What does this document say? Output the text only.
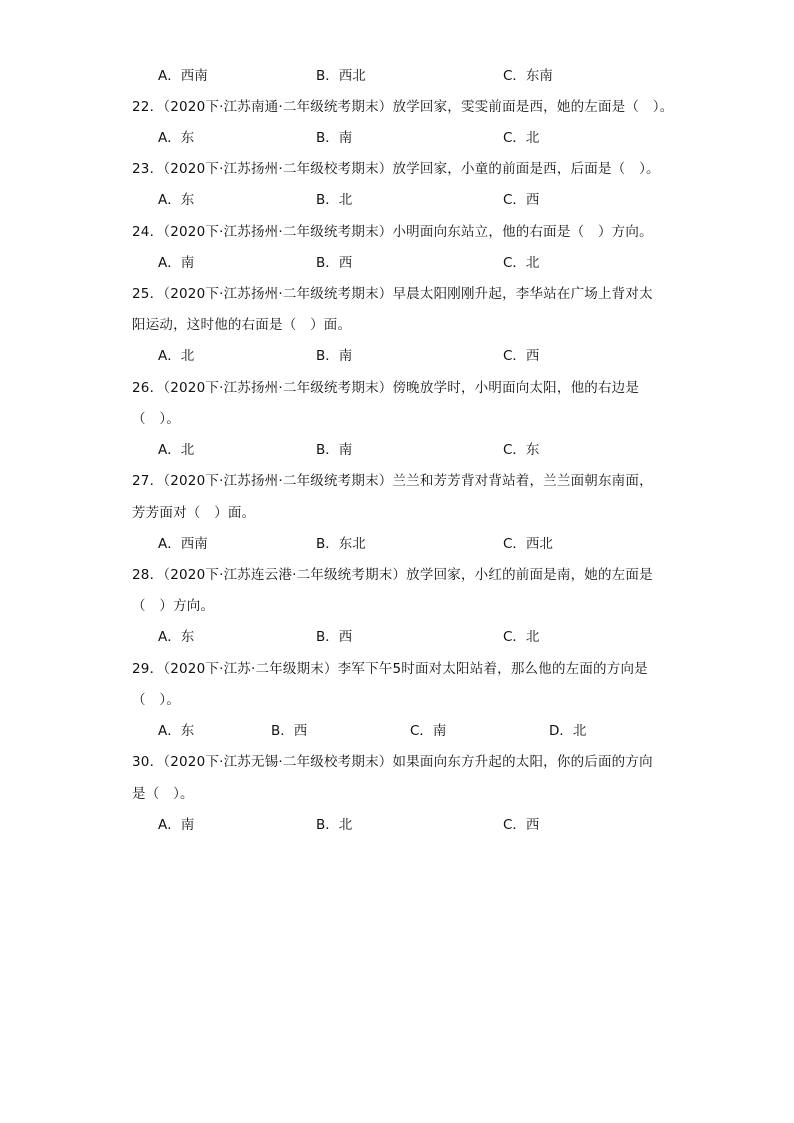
A．西南	B．西北	C．东南
22．（2020下·江苏南通·二年级统考期末）放学回家，雯雯前面是西，她的左面是（　）。
A．东	B．南	C．北
23．（2020下·江苏扬州·二年级校考期末）放学回家，小童的前面是西，后面是（　）。
A．东	B．北	C．西
24．（2020下·江苏扬州·二年级统考期末）小明面向东站立，他的右面是（　）方向。
A．南	B．西	C．北
25．（2020下·江苏扬州·二年级统考期末）早晨太阳刚刚升起，李华站在广场上背对太
阳运动，这时他的右面是（　）面。
A．北	B．南	C．西
26．（2020下·江苏扬州·二年级统考期末）傍晚放学时，小明面向太阳，他的右边是
（　）。
A．北	B．南	C．东
27．（2020下·江苏扬州·二年级统考期末）兰兰和芳芳背对背站着，兰兰面朝东南面，
芳芳面对（　）面。
A．西南	B．东北	C．西北
28．（2020下·江苏连云港·二年级统考期末）放学回家，小红的前面是南，她的左面是
（　）方向。
A．东	B．西	C．北
29．（2020下·江苏·二年级期末）李军下午5时面对太阳站着，那么他的左面的方向是
（　）。
A．东	B．西	C．南	D．北
30．（2020下·江苏无锡·二年级校考期末）如果面向东方升起的太阳，你的后面的方向
是（　）。
A．南	B．北	C．西
